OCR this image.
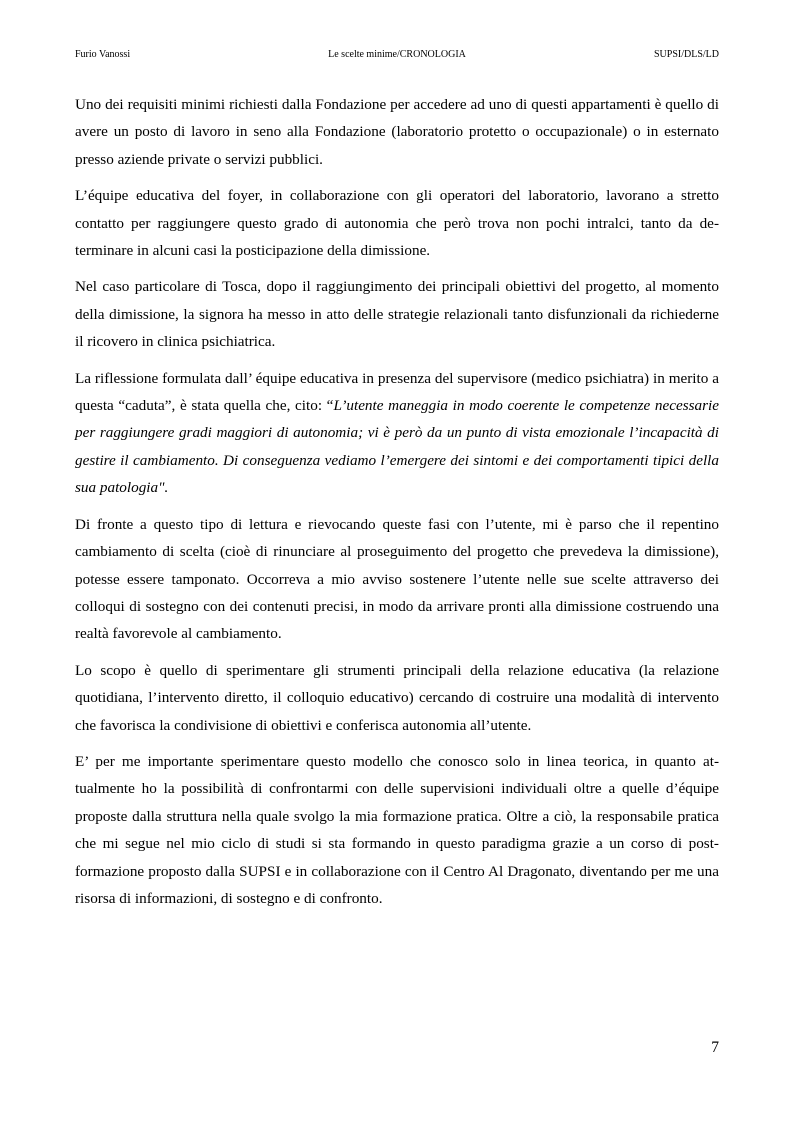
Furio Vanossi	Le scelte minime/CRONOLOGIA	SUPSI/DLS/LD

Uno dei requisiti minimi richiesti dalla Fondazione per accedere ad uno di questi appartamenti è quello di avere un posto di lavoro in seno alla Fondazione (laboratorio protetto o occupazionale) o in esternato presso aziende private o servizi pubblici.

L’équipe educativa del foyer, in collaborazione con gli operatori del laboratorio, lavorano a stretto contatto per raggiungere questo grado di autonomia che però trova non pochi intralci, tanto da determinare in alcuni casi la posticipazione della dimissione.

Nel caso particolare di Tosca, dopo il raggiungimento dei principali obiettivi del progetto, al momento della dimissione, la signora ha messo in atto delle strategie relazionali tanto disfunzionali da richiederne il ricovero in clinica psichiatrica.

La riflessione formulata dall’ équipe educativa in presenza del supervisore (medico psichiatra) in merito a questa “caduta”, è stata quella che, cito: “L’utente maneggia in modo coerente le competenze necessarie per raggiungere gradi maggiori di autonomia; vi è però da un punto di vista emozionale l’incapacità di gestire il cambiamento. Di conseguenza vediamo l’emergere dei sintomi e dei comportamenti tipici della sua patologia".

Di fronte a questo tipo di lettura e rievocando queste fasi con l’utente, mi è parso che il repentino cambiamento di scelta (cioè di rinunciare al proseguimento del progetto che prevedeva la dimissione), potesse essere tamponato. Occorreva a mio avviso sostenere l’utente nelle sue scelte attraverso dei colloqui di sostegno con dei contenuti precisi, in modo da arrivare pronti alla dimissione costruendo una realtà favorevole al cambiamento.

Lo scopo è quello di sperimentare gli strumenti principali della relazione educativa (la relazione quotidiana, l’intervento diretto, il colloquio educativo) cercando di costruire una modalità di intervento che favorisca la condivisione di obiettivi e conferisca autonomia all’utente.

E’ per me importante sperimentare questo modello che conosco solo in linea teorica, in quanto attualmente ho la possibilità di confrontarmi con delle supervisioni individuali oltre a quelle d’équipe proposte dalla struttura nella quale svolgo la mia formazione pratica. Oltre a ciò, la responsabile pratica che mi segue nel mio ciclo di studi si sta formando in questo paradigma grazie a un corso di post-formazione proposto dalla SUPSI e in collaborazione con il Centro Al Dragonato, diventando per me una risorsa di informazioni, di sostegno e di confronto.

7
